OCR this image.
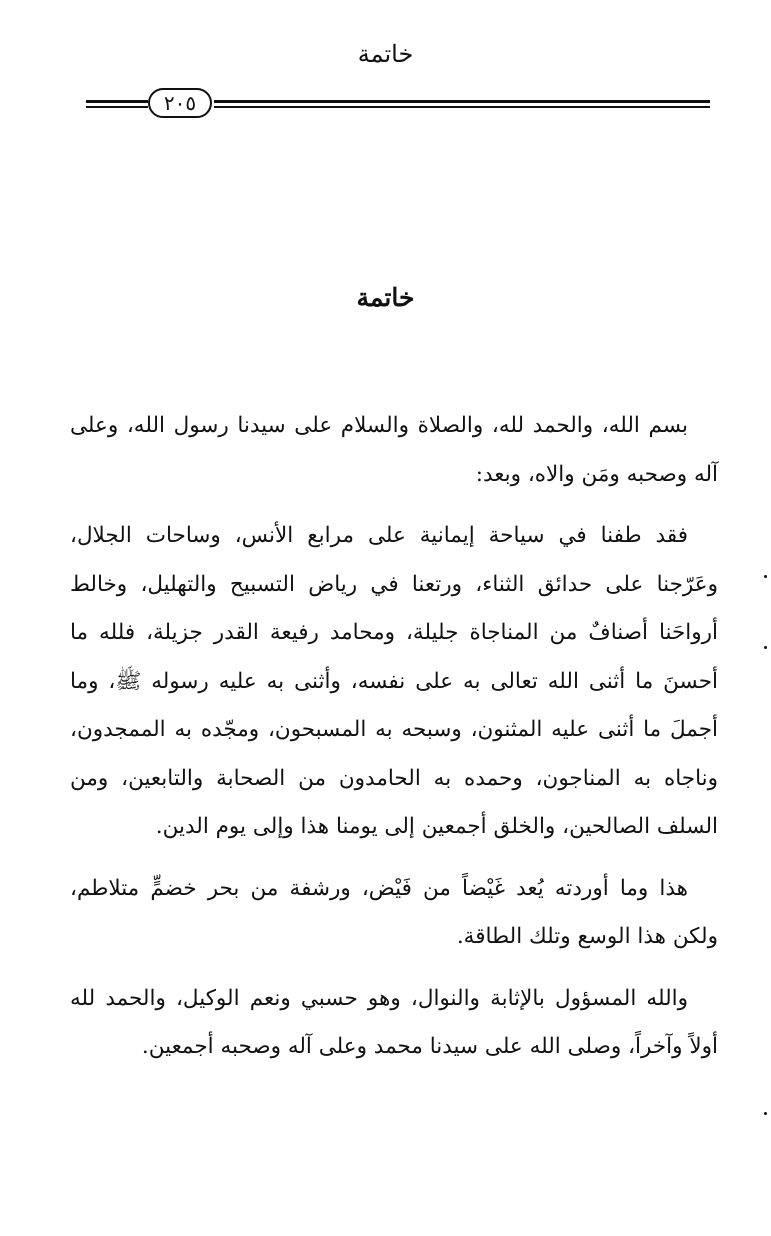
خاتمة
٢٠٥
خاتمة

بسم الله، والحمد لله، والصلاة والسلام على سيدنا رسول الله، وعلى آله وصحبه ومَن والاه، وبعد:

فقد طفنا في سياحة إيمانية على مرابع الأنس، وساحات الجلال، وعَرّجنا على حدائق الثناء، ورتعنا في رياض التسبيح والتهليل، وخالط أرواحَنا أصنافٌ من المناجاة جليلة، ومحامد رفيعة القدر جزيلة، فلله ما أحسنَ ما أثنى الله تعالى به على نفسه، وأثنى به عليه رسوله ﷺ، وما أجملَ ما أثنى عليه المثنون، وسبحه به المسبحون، ومجّده به الممجدون، وناجاه به المناجون، وحمده به الحامدون من الصحابة والتابعين، ومن السلف الصالحين، والخلق أجمعين إلى يومنا هذا وإلى يوم الدين.

هذا وما أوردته يُعد غَيْضاً من فَيْض، ورشفة من بحر خضمٍّ متلاطم، ولكن هذا الوسع وتلك الطاقة.

والله المسؤول بالإثابة والنوال، وهو حسبي ونعم الوكيل، والحمد لله أولاً وآخراً، وصلى الله على سيدنا محمد وعلى آله وصحبه أجمعين.
